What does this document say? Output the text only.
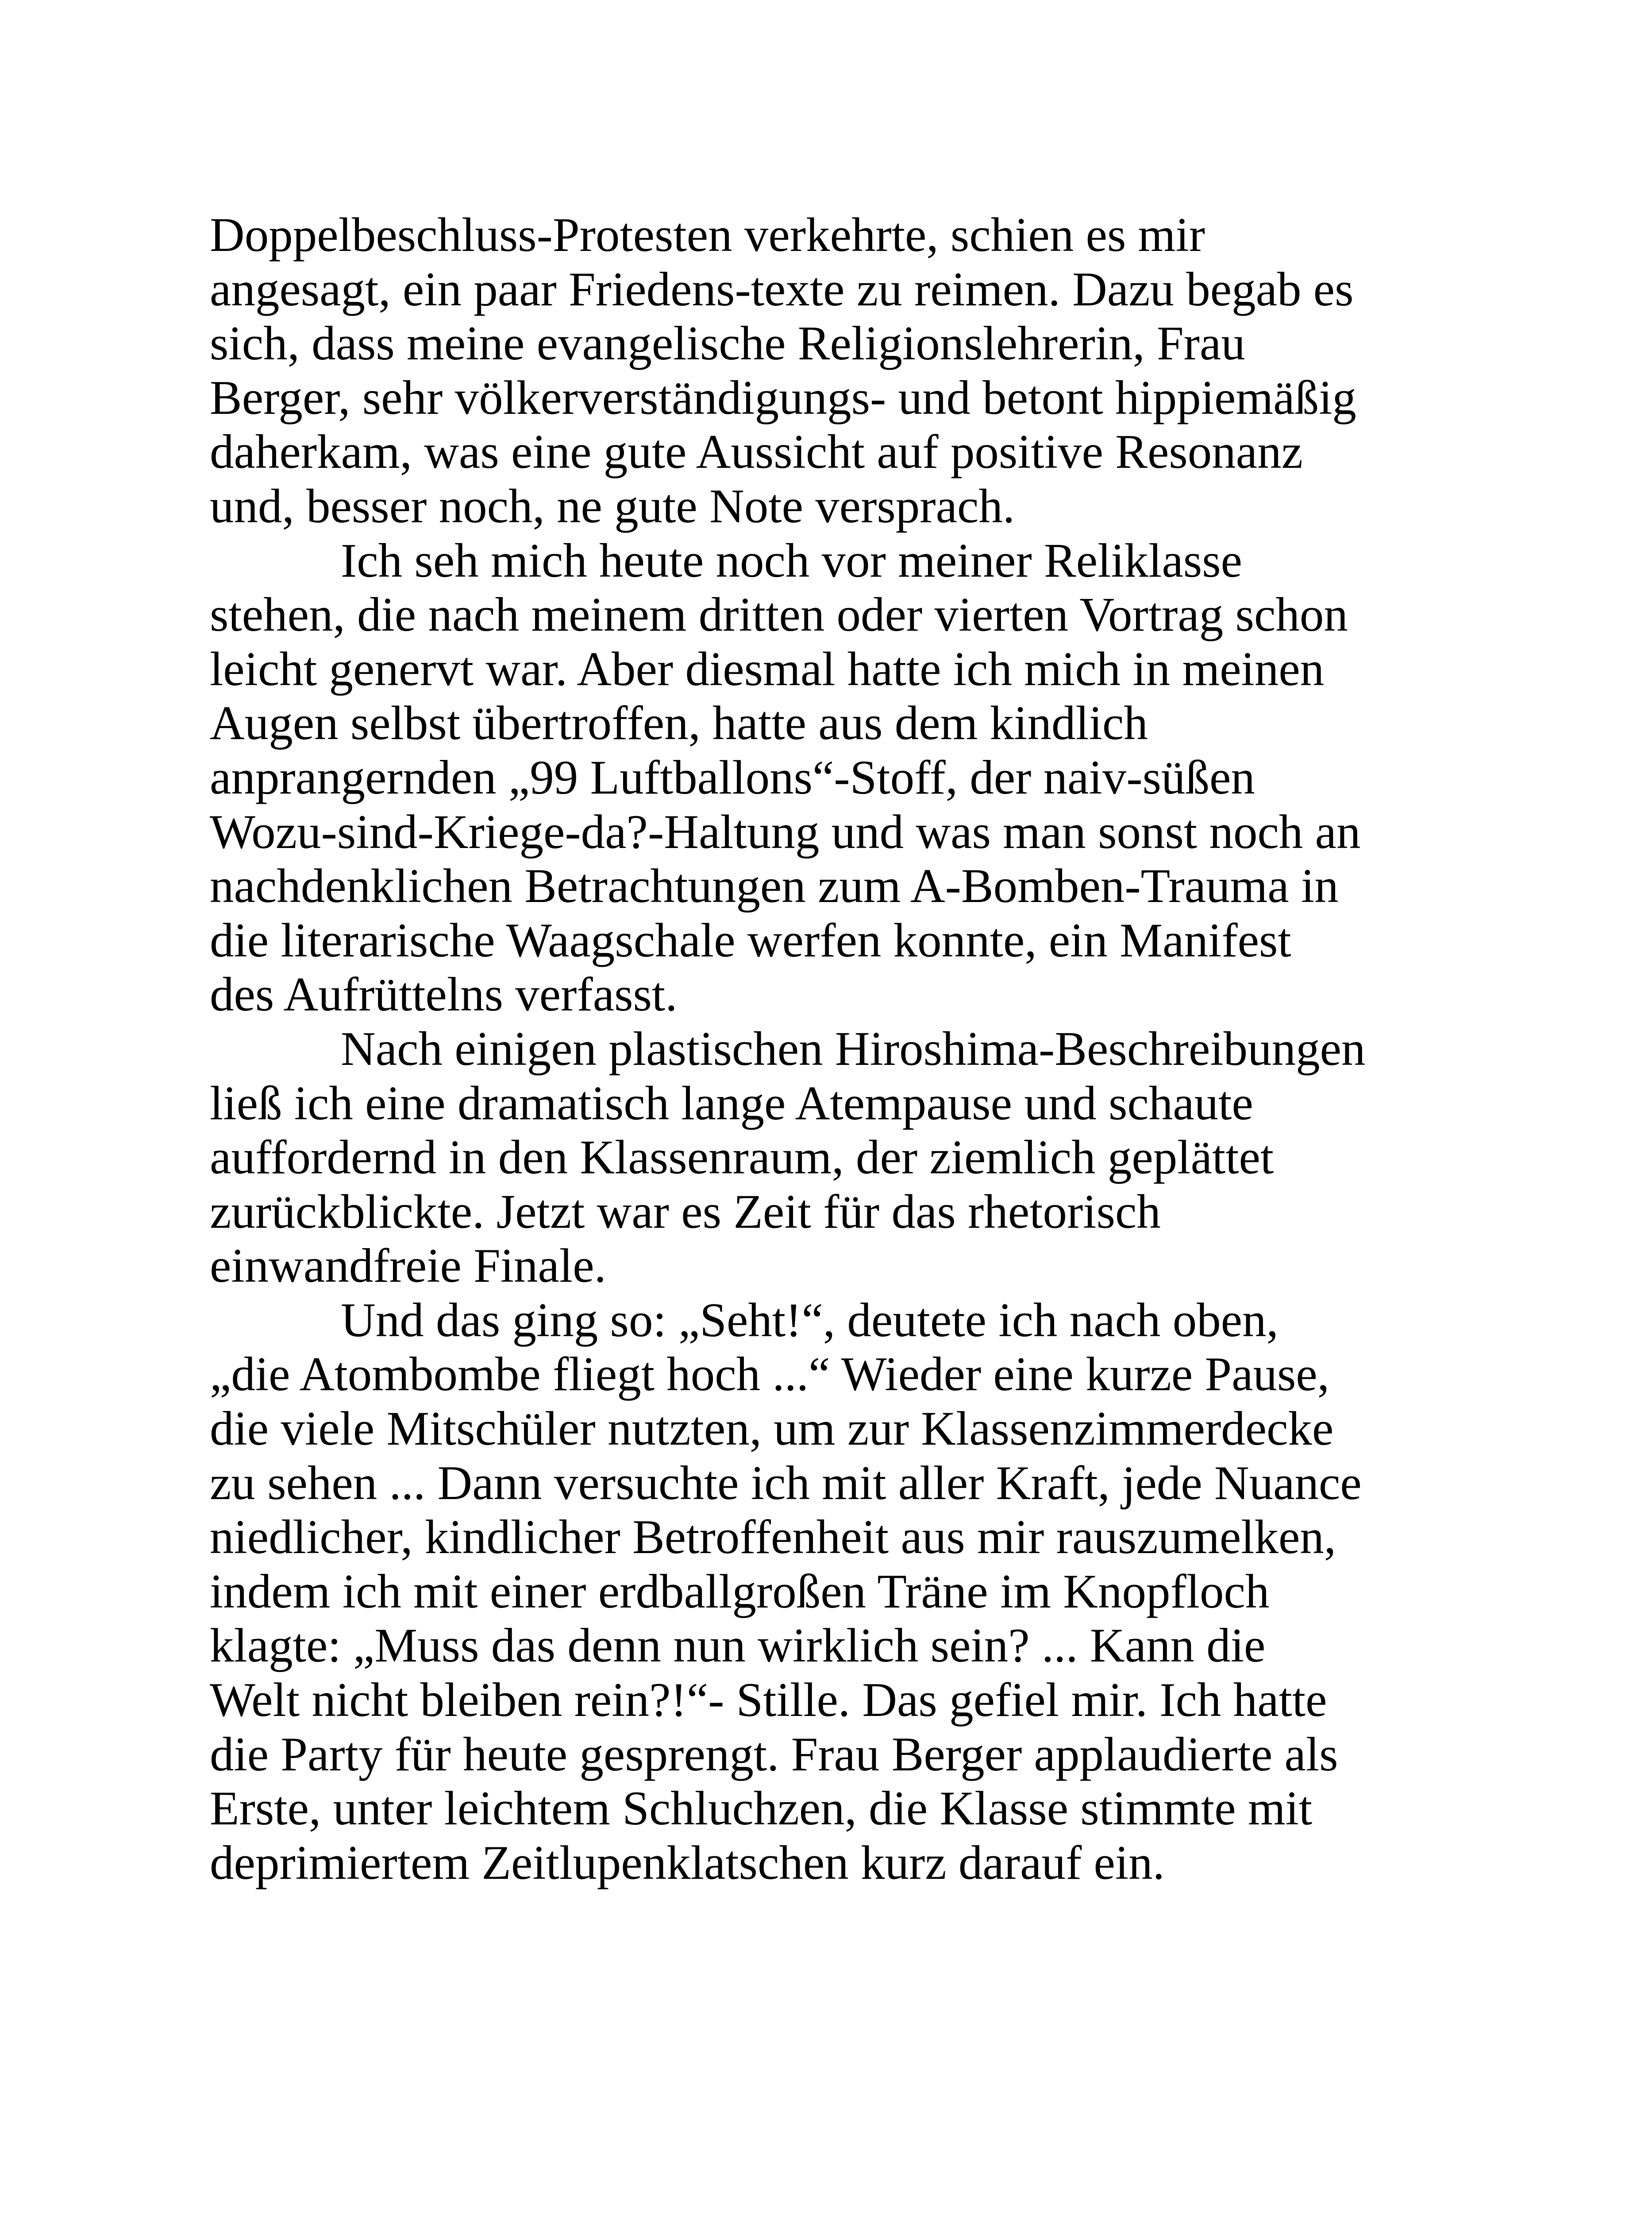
Doppelbeschluss-Protesten verkehrte, schien es mir
angesagt, ein paar Friedens-texte zu reimen. Dazu begab es
sich, dass meine evangelische Religionslehrerin, Frau
Berger, sehr völkerverständigungs- und betont hippiemäßig
daherkam, was eine gute Aussicht auf positive Resonanz
und, besser noch, ne gute Note versprach.
Ich seh mich heute noch vor meiner Reliklasse
stehen, die nach meinem dritten oder vierten Vortrag schon
leicht genervt war. Aber diesmal hatte ich mich in meinen
Augen selbst übertroffen, hatte aus dem kindlich
anprangernden „99 Luftballons“-Stoff, der naiv-süßen
Wozu-sind-Kriege-da?-Haltung und was man sonst noch an
nachdenklichen Betrachtungen zum A-Bomben-Trauma in
die literarische Waagschale werfen konnte, ein Manifest
des Aufrüttelns verfasst.
Nach einigen plastischen Hiroshima-Beschreibungen
ließ ich eine dramatisch lange Atempause und schaute
auffordernd in den Klassenraum, der ziemlich geplättet
zurückblickte. Jetzt war es Zeit für das rhetorisch
einwandfreie Finale.
Und das ging so: „Seht!“, deutete ich nach oben,
„die Atombombe fliegt hoch ...“ Wieder eine kurze Pause,
die viele Mitschüler nutzten, um zur Klassenzimmerdecke
zu sehen ... Dann versuchte ich mit aller Kraft, jede Nuance
niedlicher, kindlicher Betroffenheit aus mir rauszumelken,
indem ich mit einer erdballgroßen Träne im Knopfloch
klagte: „Muss das denn nun wirklich sein? ... Kann die
Welt nicht bleiben rein?!“- Stille. Das gefiel mir. Ich hatte
die Party für heute gesprengt. Frau Berger applaudierte als
Erste, unter leichtem Schluchzen, die Klasse stimmte mit
deprimiertem Zeitlupenklatschen kurz darauf ein.
